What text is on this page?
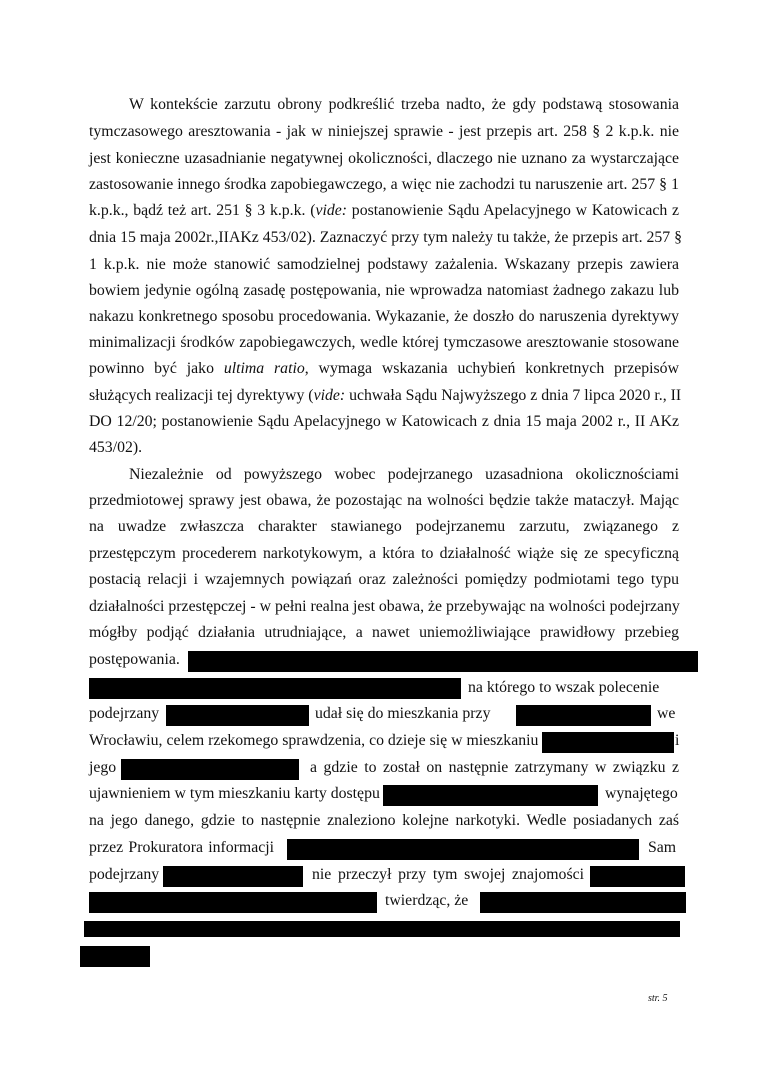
W kontekście zarzutu obrony podkreślić trzeba nadto, że gdy podstawą stosowania
tymczasowego aresztowania - jak w niniejszej sprawie - jest przepis art. 258 § 2 k.p.k. nie
jest konieczne uzasadnianie negatywnej okoliczności, dlaczego nie uznano za wystarczające
zastosowanie innego środka zapobiegawczego, a więc nie zachodzi tu naruszenie art. 257 § 1
k.p.k., bądź też art. 251 § 3 k.p.k. (vide: postanowienie Sądu Apelacyjnego w Katowicach z
dnia 15 maja 2002r.,IIAKz 453/02). Zaznaczyć przy tym należy tu także, że przepis art. 257 §
1 k.p.k. nie może stanowić samodzielnej podstawy zażalenia. Wskazany przepis zawiera
bowiem jedynie ogólną zasadę postępowania, nie wprowadza natomiast żadnego zakazu lub
nakazu konkretnego sposobu procedowania. Wykazanie, że doszło do naruszenia dyrektywy
minimalizacji środków zapobiegawczych, wedle której tymczasowe aresztowanie stosowane
powinno być jako ultima ratio, wymaga wskazania uchybień konkretnych przepisów
służących realizacji tej dyrektywy (vide: uchwała Sądu Najwyższego z dnia 7 lipca 2020 r., II
DO 12/20; postanowienie Sądu Apelacyjnego w Katowicach z dnia 15 maja 2002 r., II AKz
453/02).
Niezależnie od powyższego wobec podejrzanego uzasadniona okolicznościami
przedmiotowej sprawy jest obawa, że pozostając na wolności będzie także mataczył. Mając
na uwadze zwłaszcza charakter stawianego podejrzanemu zarzutu, związanego z
przestępczym procederem narkotykowym, a która to działalność wiąże się ze specyficzną
postacią relacji i wzajemnych powiązań oraz zależności pomiędzy podmiotami tego typu
działalności przestępczej - w pełni realna jest obawa, że przebywając na wolności podejrzany
mógłby podjąć działania utrudniające, a nawet uniemożliwiające prawidłowy przebieg
postępowania.
na którego to wszak polecenie
podejrzany	udał się do mieszkania przy	we
Wrocławiu, celem rzekomego sprawdzenia, co dzieje się w mieszkaniu	i
jego	a gdzie to został on następnie zatrzymany w związku z
ujawnieniem w tym mieszkaniu karty dostępu	wynajętego
na jego danego, gdzie to następnie znaleziono kolejne narkotyki. Wedle posiadanych zaś
przez Prokuratora informacji	Sam
podejrzany	nie przeczył przy tym swojej znajomości
twierdząc, że
str. 5
